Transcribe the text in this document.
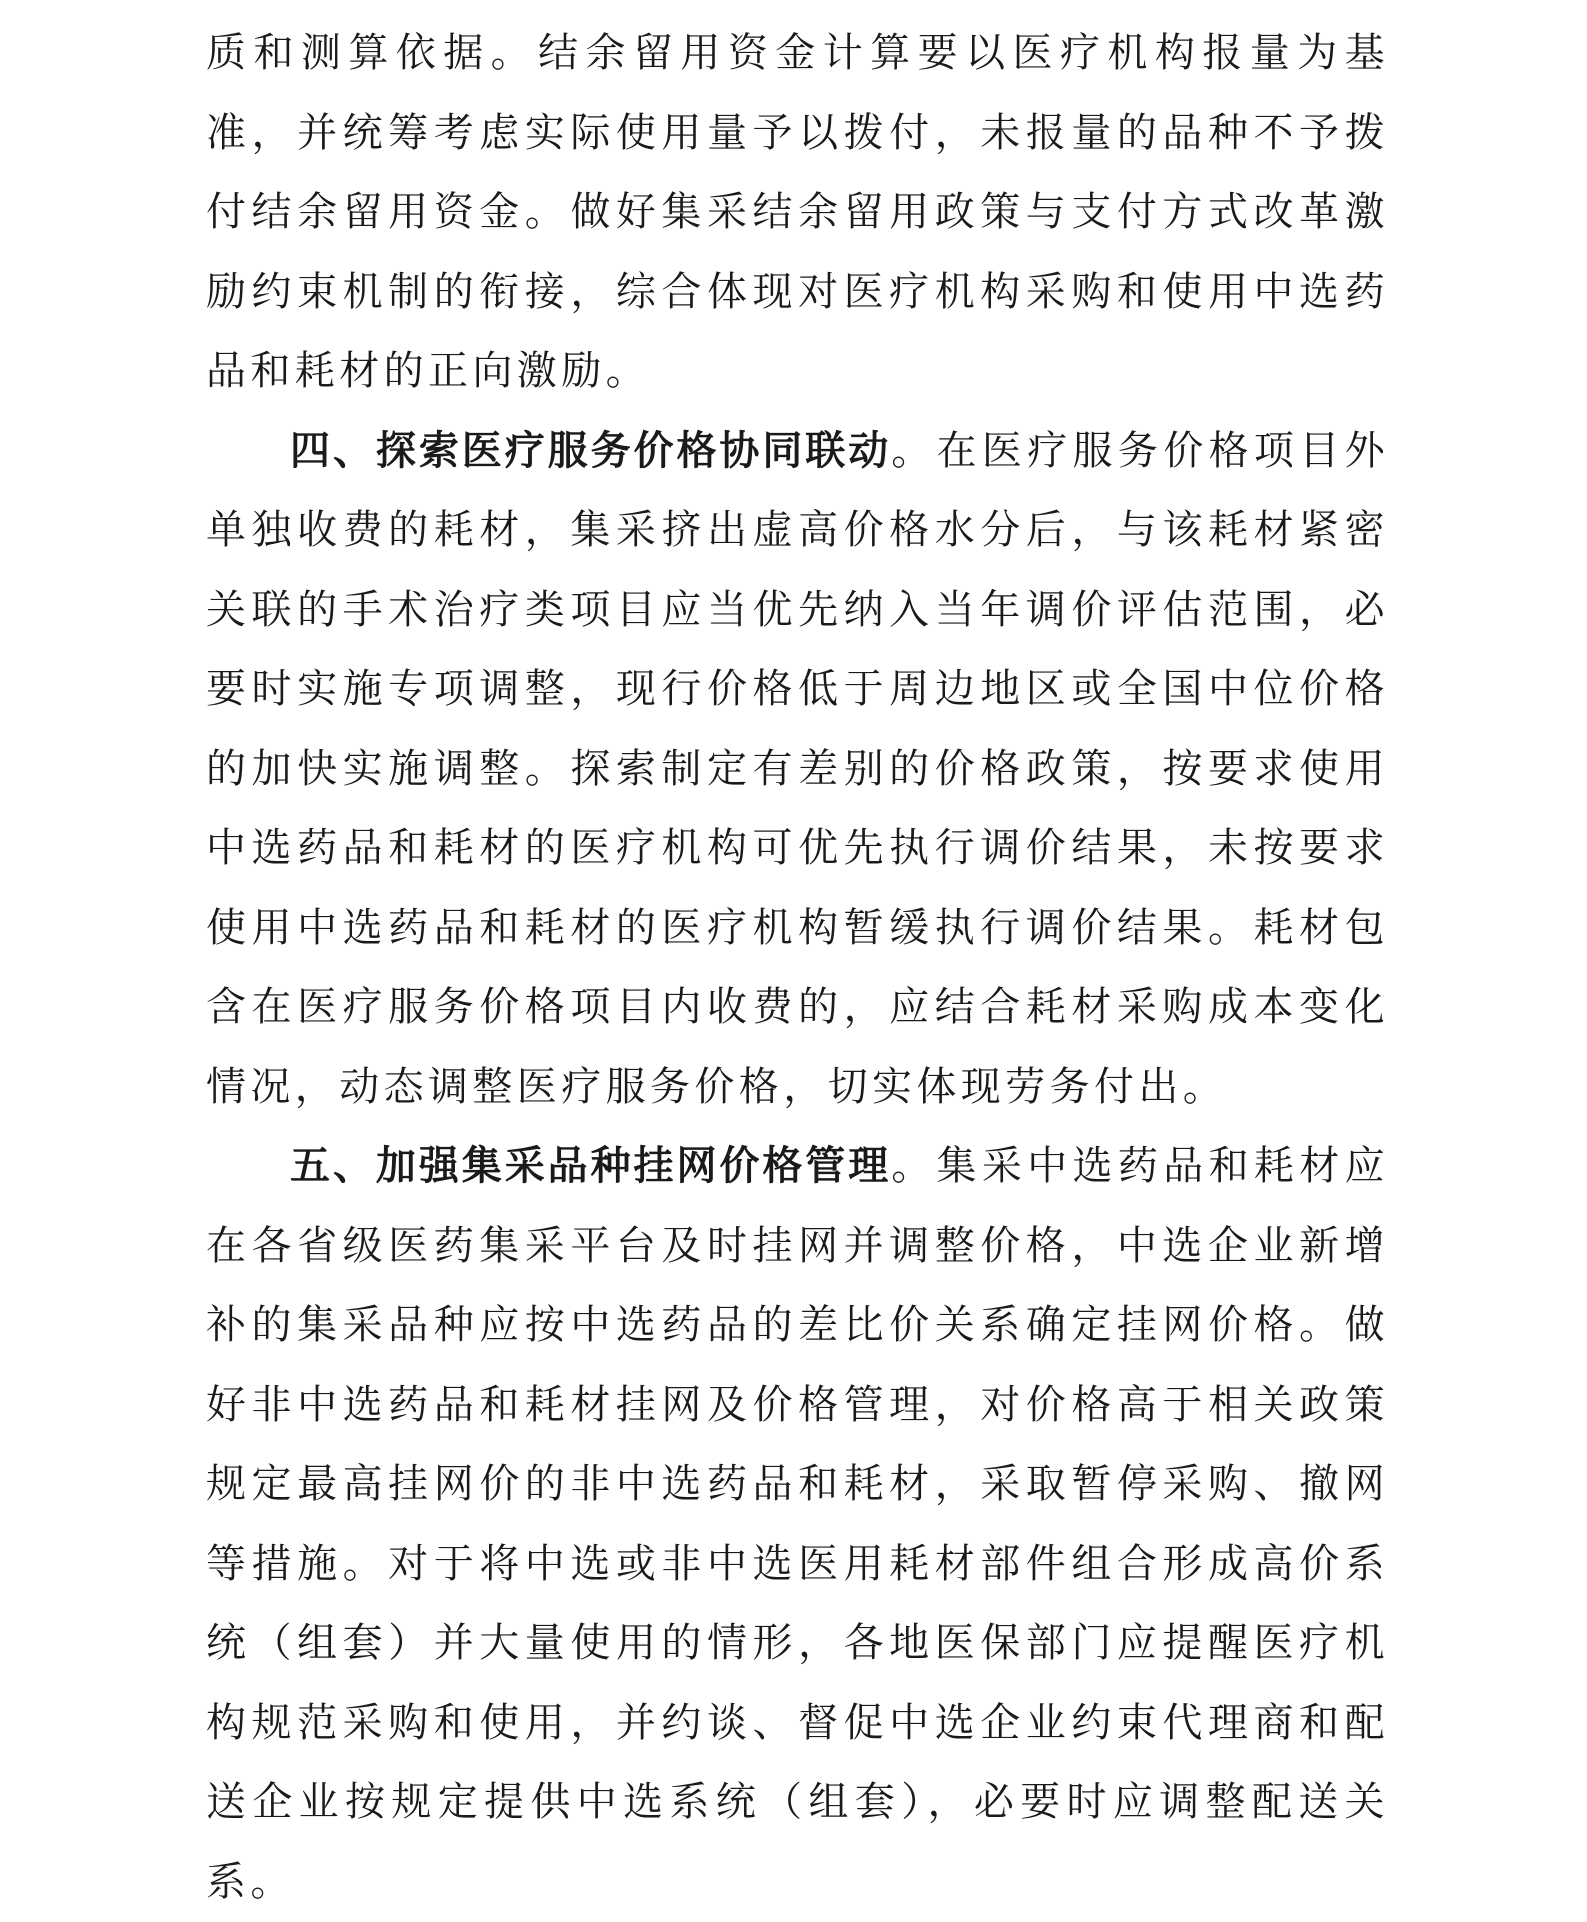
质和测算依据。结余留用资金计算要以医疗机构报量为基准，并统筹考虑实际使用量予以拨付，未报量的品种不予拨付结余留用资金。做好集采结余留用政策与支付方式改革激励约束机制的衔接，综合体现对医疗机构采购和使用中选药品和耗材的正向激励。

四、探索医疗服务价格协同联动。在医疗服务价格项目外单独收费的耗材，集采挤出虚高价格水分后，与该耗材紧密关联的手术治疗类项目应当优先纳入当年调价评估范围，必要时实施专项调整，现行价格低于周边地区或全国中位价格的加快实施调整。探索制定有差别的价格政策，按要求使用中选药品和耗材的医疗机构可优先执行调价结果，未按要求使用中选药品和耗材的医疗机构暂缓执行调价结果。耗材包含在医疗服务价格项目内收费的，应结合耗材采购成本变化情况，动态调整医疗服务价格，切实体现劳务付出。

五、加强集采品种挂网价格管理。集采中选药品和耗材应在各省级医药集采平台及时挂网并调整价格，中选企业新增补的集采品种应按中选药品的差比价关系确定挂网价格。做好非中选药品和耗材挂网及价格管理，对价格高于相关政策规定最高挂网价的非中选药品和耗材，采取暂停采购、撤网等措施。对于将中选或非中选医用耗材部件组合形成高价系统（组套）并大量使用的情形，各地医保部门应提醒医疗机构规范采购和使用，并约谈、督促中选企业约束代理商和配送企业按规定提供中选系统（组套），必要时应调整配送关系。
